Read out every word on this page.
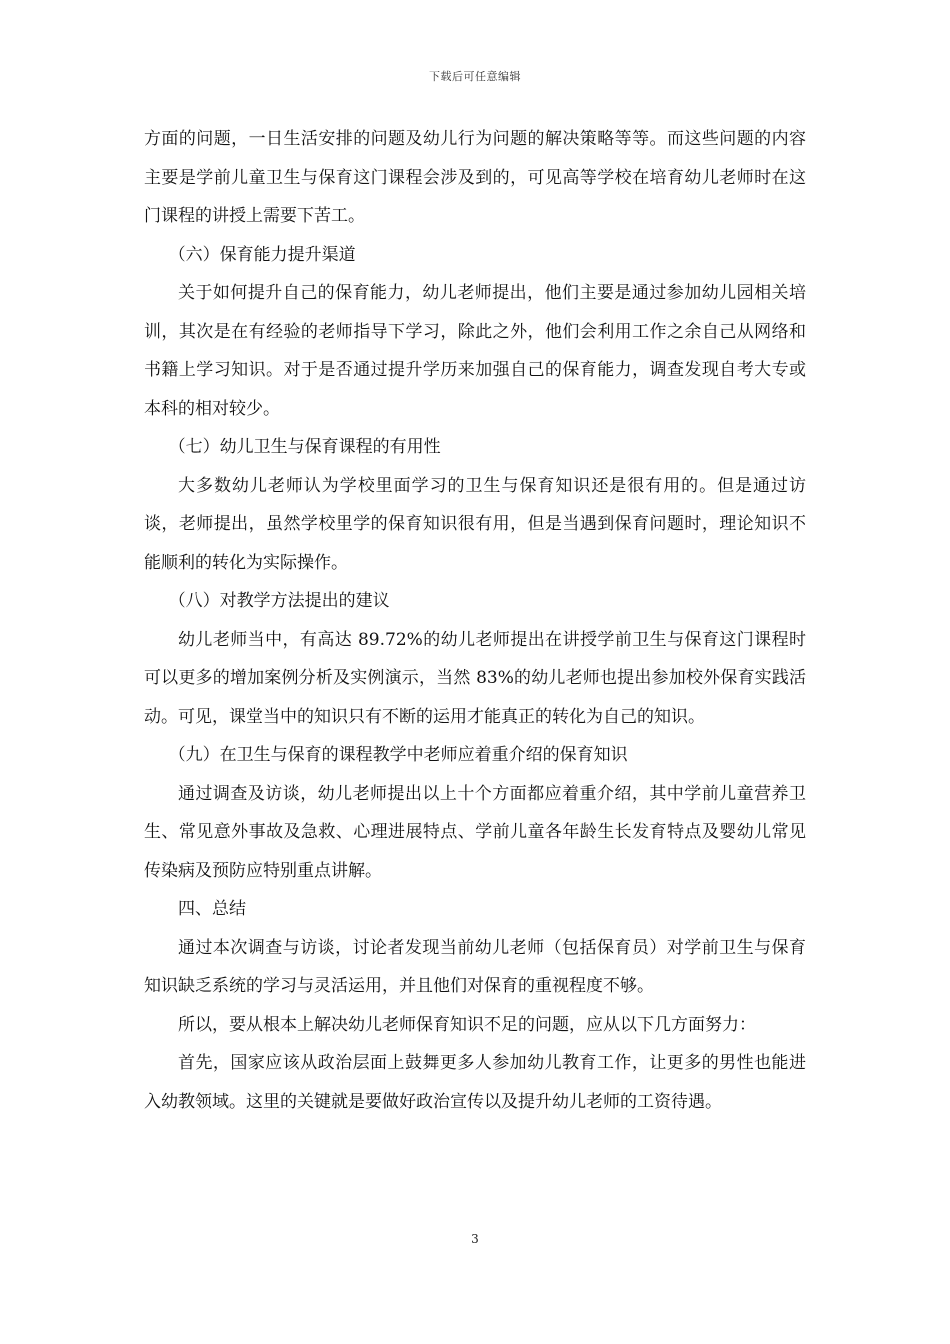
下载后可任意编辑

方面的问题，一日生活安排的问题及幼儿行为问题的解决策略等等。而这些问题的内容主要是学前儿童卫生与保育这门课程会涉及到的，可见高等学校在培育幼儿老师时在这门课程的讲授上需要下苦工。

（六）保育能力提升渠道

关于如何提升自己的保育能力，幼儿老师提出，他们主要是通过参加幼儿园相关培训，其次是在有经验的老师指导下学习，除此之外，他们会利用工作之余自己从网络和书籍上学习知识。对于是否通过提升学历来加强自己的保育能力，调查发现自考大专或本科的相对较少。

（七）幼儿卫生与保育课程的有用性

大多数幼儿老师认为学校里面学习的卫生与保育知识还是很有用的。但是通过访谈，老师提出，虽然学校里学的保育知识很有用，但是当遇到保育问题时，理论知识不能顺利的转化为实际操作。

（八）对教学方法提出的建议

幼儿老师当中，有高达 89.72%的幼儿老师提出在讲授学前卫生与保育这门课程时可以更多的增加案例分析及实例演示，当然 83%的幼儿老师也提出参加校外保育实践活动。可见，课堂当中的知识只有不断的运用才能真正的转化为自己的知识。

（九）在卫生与保育的课程教学中老师应着重介绍的保育知识

通过调查及访谈，幼儿老师提出以上十个方面都应着重介绍，其中学前儿童营养卫生、常见意外事故及急救、心理进展特点、学前儿童各年龄生长发育特点及婴幼儿常见传染病及预防应特别重点讲解。

四、总结

通过本次调查与访谈，讨论者发现当前幼儿老师（包括保育员）对学前卫生与保育知识缺乏系统的学习与灵活运用，并且他们对保育的重视程度不够。

所以，要从根本上解决幼儿老师保育知识不足的问题，应从以下几方面努力：

首先，国家应该从政治层面上鼓舞更多人参加幼儿教育工作，让更多的男性也能进入幼教领域。这里的关键就是要做好政治宣传以及提升幼儿老师的工资待遇。

3
